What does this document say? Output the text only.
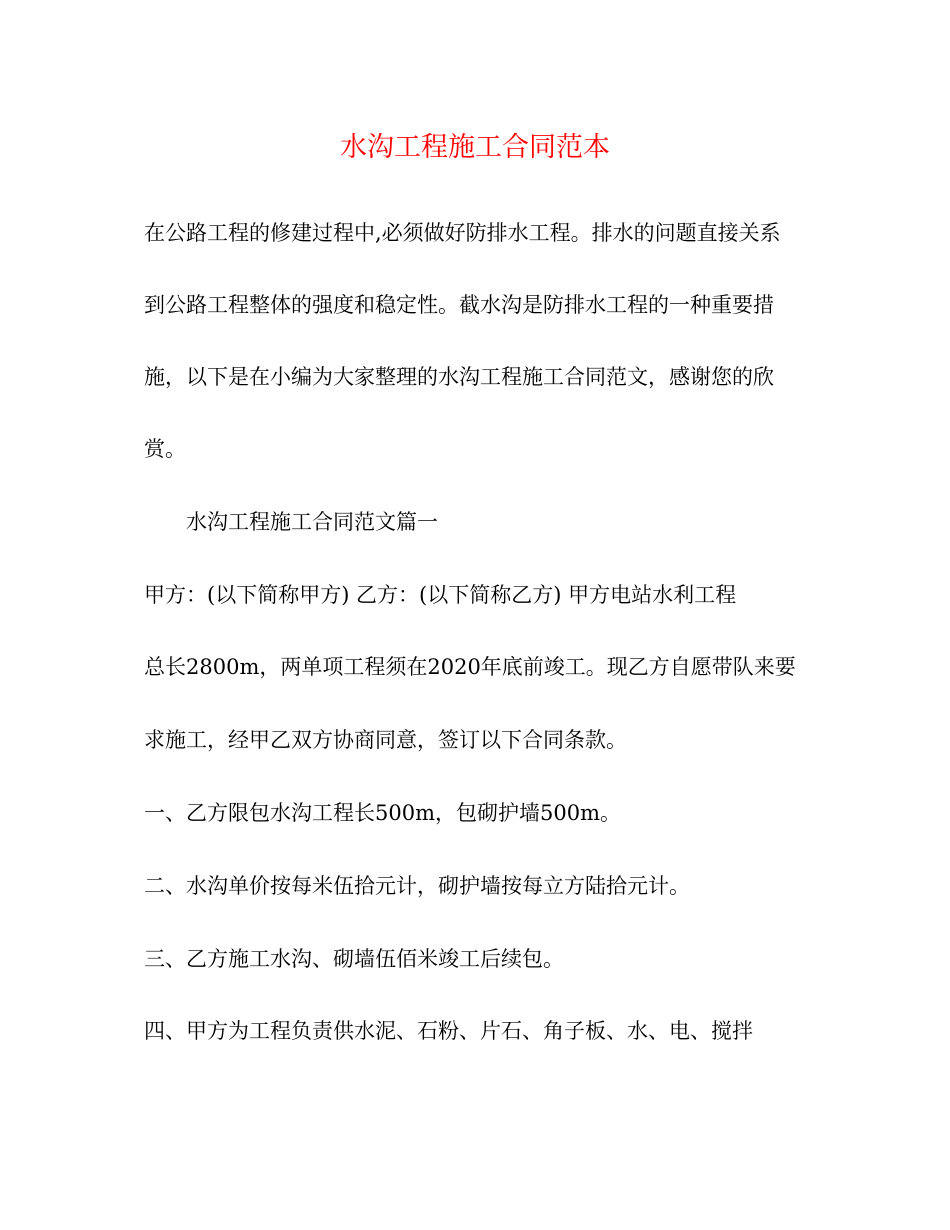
水沟工程施工合同范本

在公路工程的修建过程中,必须做好防排水工程。排水的问题直接关系

到公路工程整体的强度和稳定性。截水沟是防排水工程的一种重要措

施，以下是在小编为大家整理的水沟工程施工合同范文，感谢您的欣

赏。

水沟工程施工合同范文篇一

甲方：(以下简称甲方) 乙方：(以下简称乙方) 甲方电站水利工程

总长2800m，两单项工程须在2020年底前竣工。现乙方自愿带队来要

求施工，经甲乙双方协商同意，签订以下合同条款。

一、乙方限包水沟工程长500m，包砌护墙500m。

二、水沟单价按每米伍拾元计，砌护墙按每立方陆拾元计。

三、乙方施工水沟、砌墙伍佰米竣工后续包。

四、甲方为工程负责供水泥、石粉、片石、角子板、水、电、搅拌
